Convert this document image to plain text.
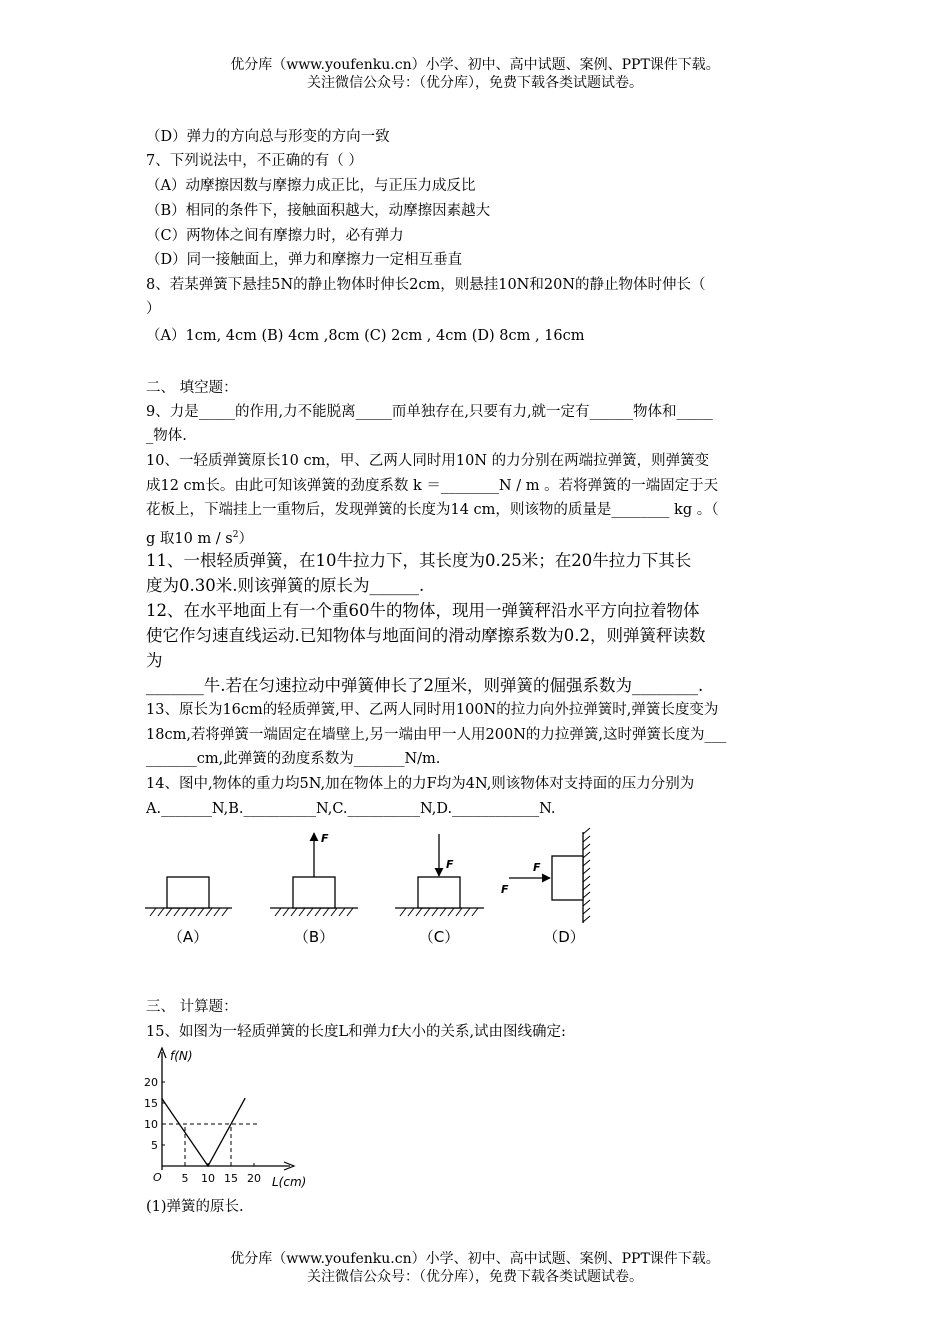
优分库（www.youfenku.cn）小学、初中、高中试题、案例、PPT课件下载。
关注微信公众号：（优分库），免费下载各类试题试卷。
（D）弹力的方向总与形变的方向一致
7、下列说法中，不正确的有（ ）
（A）动摩擦因数与摩擦力成正比，与正压力成反比
（B）相同的条件下，接触面积越大，动摩擦因素越大
（C）两物体之间有摩擦力时，必有弹力
（D）同一接触面上，弹力和摩擦力一定相互垂直
8、若某弹簧下悬挂5N的静止物体时伸长2cm，则悬挂10N和20N的静止物体时伸长（
）
（A）1cm, 4cm (B) 4cm ,8cm (C) 2cm , 4cm (D) 8cm , 16cm
二、 填空题：
9、力是_____的作用,力不能脱离_____而单独存在,只要有力,就一定有______物体和_____
_物体.
10、一轻质弹簧原长10 cm，甲、乙两人同时用10N 的力分别在两端拉弹簧，则弹簧变
成12 cm长。由此可知该弹簧的劲度系数 k ＝________N / m 。若将弹簧的一端固定于天
花板上，下端挂上一重物后，发现弹簧的长度为14 cm，则该物的质量是________ kg 。（
g 取10 m / $s^2$）
11、一根轻质弹簧，在10牛拉力下，其长度为0.25米；在20牛拉力下其长
度为0.30米.则该弹簧的原长为______.
12、在水平地面上有一个重60牛的物体，现用一弹簧秤沿水平方向拉着物体
使它作匀速直线运动.已知物体与地面间的滑动摩擦系数为0.2，则弹簧秤读数
为
_______牛.若在匀速拉动中弹簧伸长了2厘米，则弹簧的倔强系数为________.
13、原长为16cm的轻质弹簧,甲、乙两人同时用100N的拉力向外拉弹簧时,弹簧长度变为
18cm,若将弹簧一端固定在墙壁上,另一端由甲一人用200N的力拉弹簧,这时弹簧长度为___
_______cm,此弹簧的劲度系数为_______N/m.
14、图中,物体的重力均5N,加在物体上的力F均为4N,则该物体对支持面的压力分别为
A._______N,B.__________N,C.__________N,D.____________N.
（A）
F
（B）
F
（C）
F
F
（D）
三、 计算题：
15、如图为一轻质弹簧的长度L和弹力f大小的关系,试由图线确定:
f(N)
L(cm)
O 5 10 15 20
5
10
15
20
(1)弹簧的原长.
优分库（www.youfenku.cn）小学、初中、高中试题、案例、PPT课件下载。
关注微信公众号：（优分库），免费下载各类试题试卷。
